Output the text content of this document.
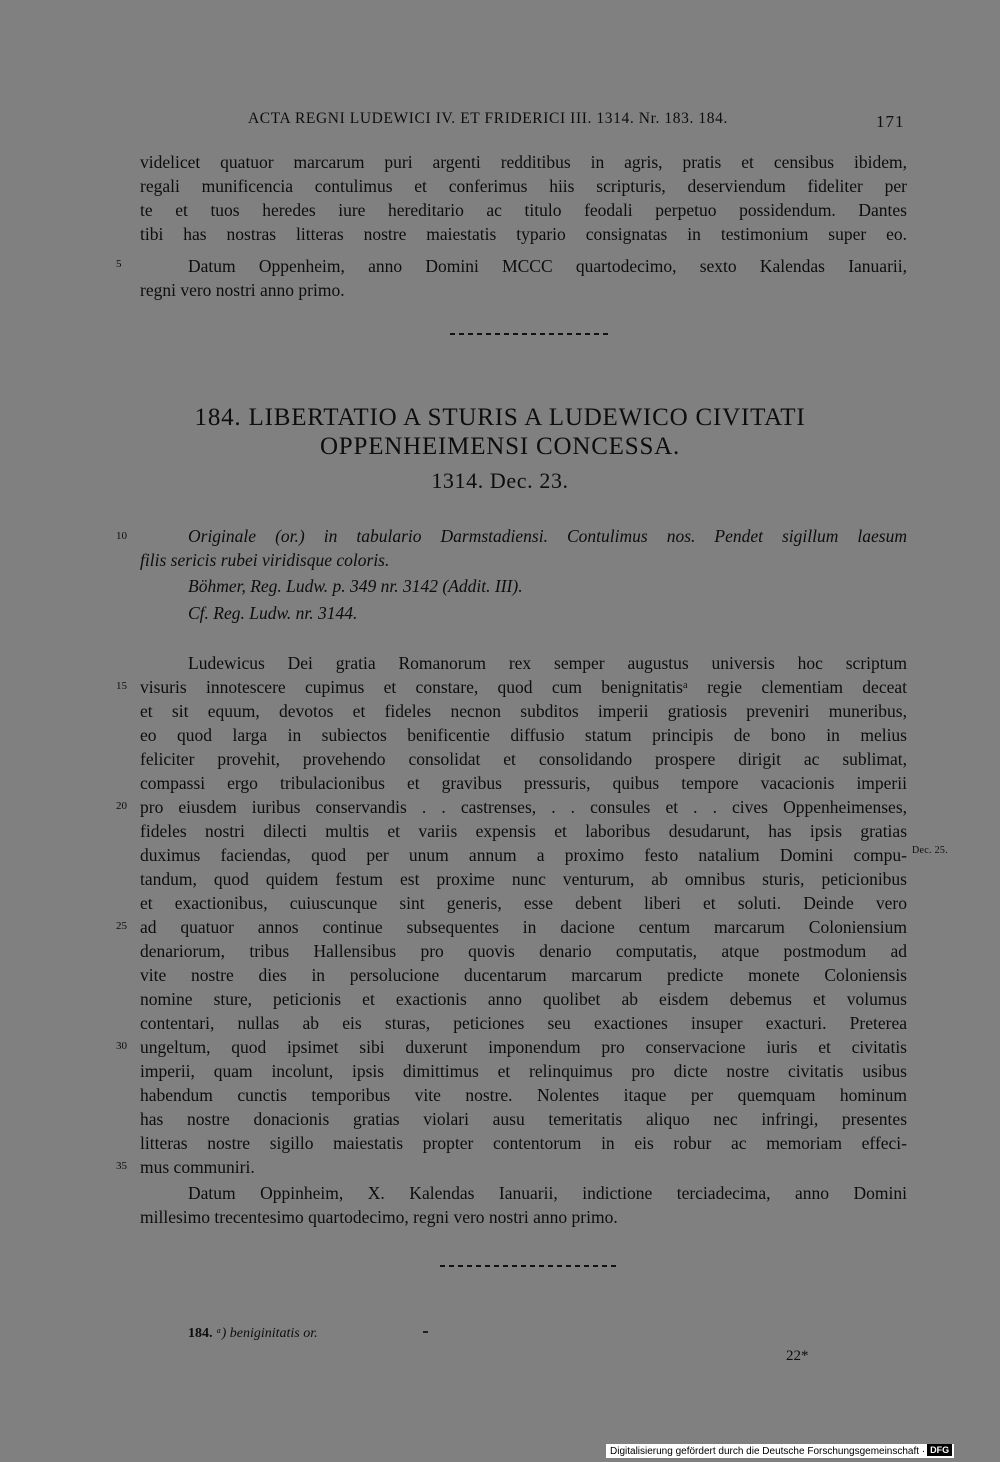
ACTA REGNI LUDEWICI IV. ET FRIDERICI III. 1314. Nr. 183. 184.	171
videlicet quatuor marcarum puri argenti redditibus in agris, pratis et censibus ibidem,
regali munificencia contulimus et conferimus hiis scripturis, deserviendum fideliter per
te et tuos heredes iure hereditario ac titulo feodali perpetuo possidendum. Dantes
tibi has nostras litteras nostre maiestatis typario consignatas in testimonium super eo.
5	Datum Oppenheim, anno Domini MCCC quartodecimo, sexto Kalendas Ianuarii,
regni vero nostri anno primo.
184. LIBERTATIO A STURIS A LUDEWICO CIVITATI
OPPENHEIMENSI CONCESSA.
1314. Dec. 23.
10	Originale (or.) in tabulario Darmstadiensi. Contulimus nos. Pendet sigillum laesum
filis sericis rubei viridisque coloris.
Böhmer, Reg. Ludw. p. 349 nr. 3142 (Addit. III).
Cf. Reg. Ludw. nr. 3144.
Ludewicus Dei gratia Romanorum rex semper augustus universis hoc scriptum
15 visuris innotescere cupimus et constare, quod cum benignitatisᵃ regie clementiam deceat
et sit equum, devotos et fideles necnon subditos imperii gratiosis preveniri muneribus,
eo quod larga in subiectos benificentie diffusio statum principis de bono in melius
feliciter provehit, provehendo consolidat et consolidando prospere dirigit ac sublimat,
compassi ergo tribulacionibus et gravibus pressuris, quibus tempore vacacionis imperii
20 pro eiusdem iuribus conservandis . . castrenses, . . consules et . . cives Oppenheimenses,
fideles nostri dilecti multis et variis expensis et laboribus desudarunt, has ipsis gratias
duximus faciendas, quod per unum annum a proximo festo natalium Domini compu- Dec. 25.
tandum, quod quidem festum est proxime nunc venturum, ab omnibus sturis, peticionibus
et exactionibus, cuiuscunque sint generis, esse debent liberi et soluti. Deinde vero
25 ad quatuor annos continue subsequentes in dacione centum marcarum Coloniensium
denariorum, tribus Hallensibus pro quovis denario computatis, atque postmodum ad
vite nostre dies in persolucione ducentarum marcarum predicte monete Coloniensis
nomine sture, peticionis et exactionis anno quolibet ab eisdem debemus et volumus
contentari, nullas ab eis sturas, peticiones seu exactiones insuper exacturi. Preterea
30 ungeltum, quod ipsimet sibi duxerunt imponendum pro conservacione iuris et civitatis
imperii, quam incolunt, ipsis dimittimus et relinquimus pro dicte nostre civitatis usibus
habendum cunctis temporibus vite nostre. Nolentes itaque per quemquam hominum
has nostre donacionis gratias violari ausu temeritatis aliquo nec infringi, presentes
litteras nostre sigillo maiestatis propter contentorum in eis robur ac memoriam effeci-
35 mus communiri.
Datum Oppinheim, X. Kalendas Ianuarii, indictione terciadecima, anno Domini
millesimo trecentesimo quartodecimo, regni vero nostri anno primo.
184. ᵃ) beniginitatis or.
22*
Digitalisierung gefördert durch die Deutsche Forschungsgemeinschaft · DFG
